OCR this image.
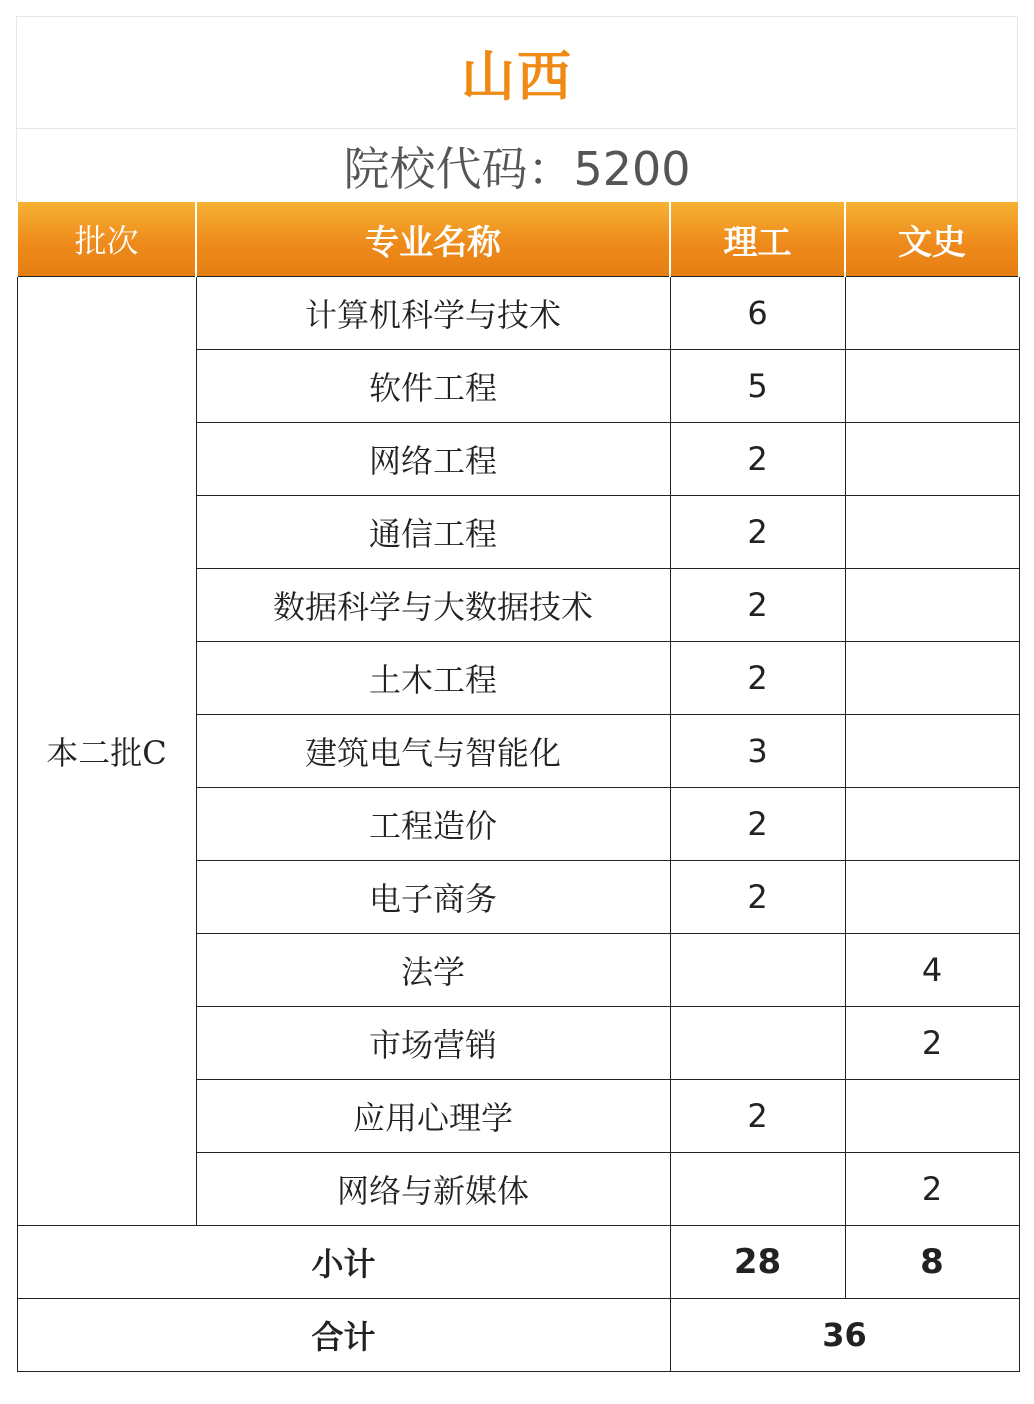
山西
院校代码：5200
批次	专业名称	理工	文史
本二批C	计算机科学与技术	6	
	软件工程	5	
	网络工程	2	
	通信工程	2	
	数据科学与大数据技术	2	
	土木工程	2	
	建筑电气与智能化	3	
	工程造价	2	
	电子商务	2	
	法学		4
	市场营销		2
	应用心理学	2	
	网络与新媒体		2
小计		28	8
合计		36	
